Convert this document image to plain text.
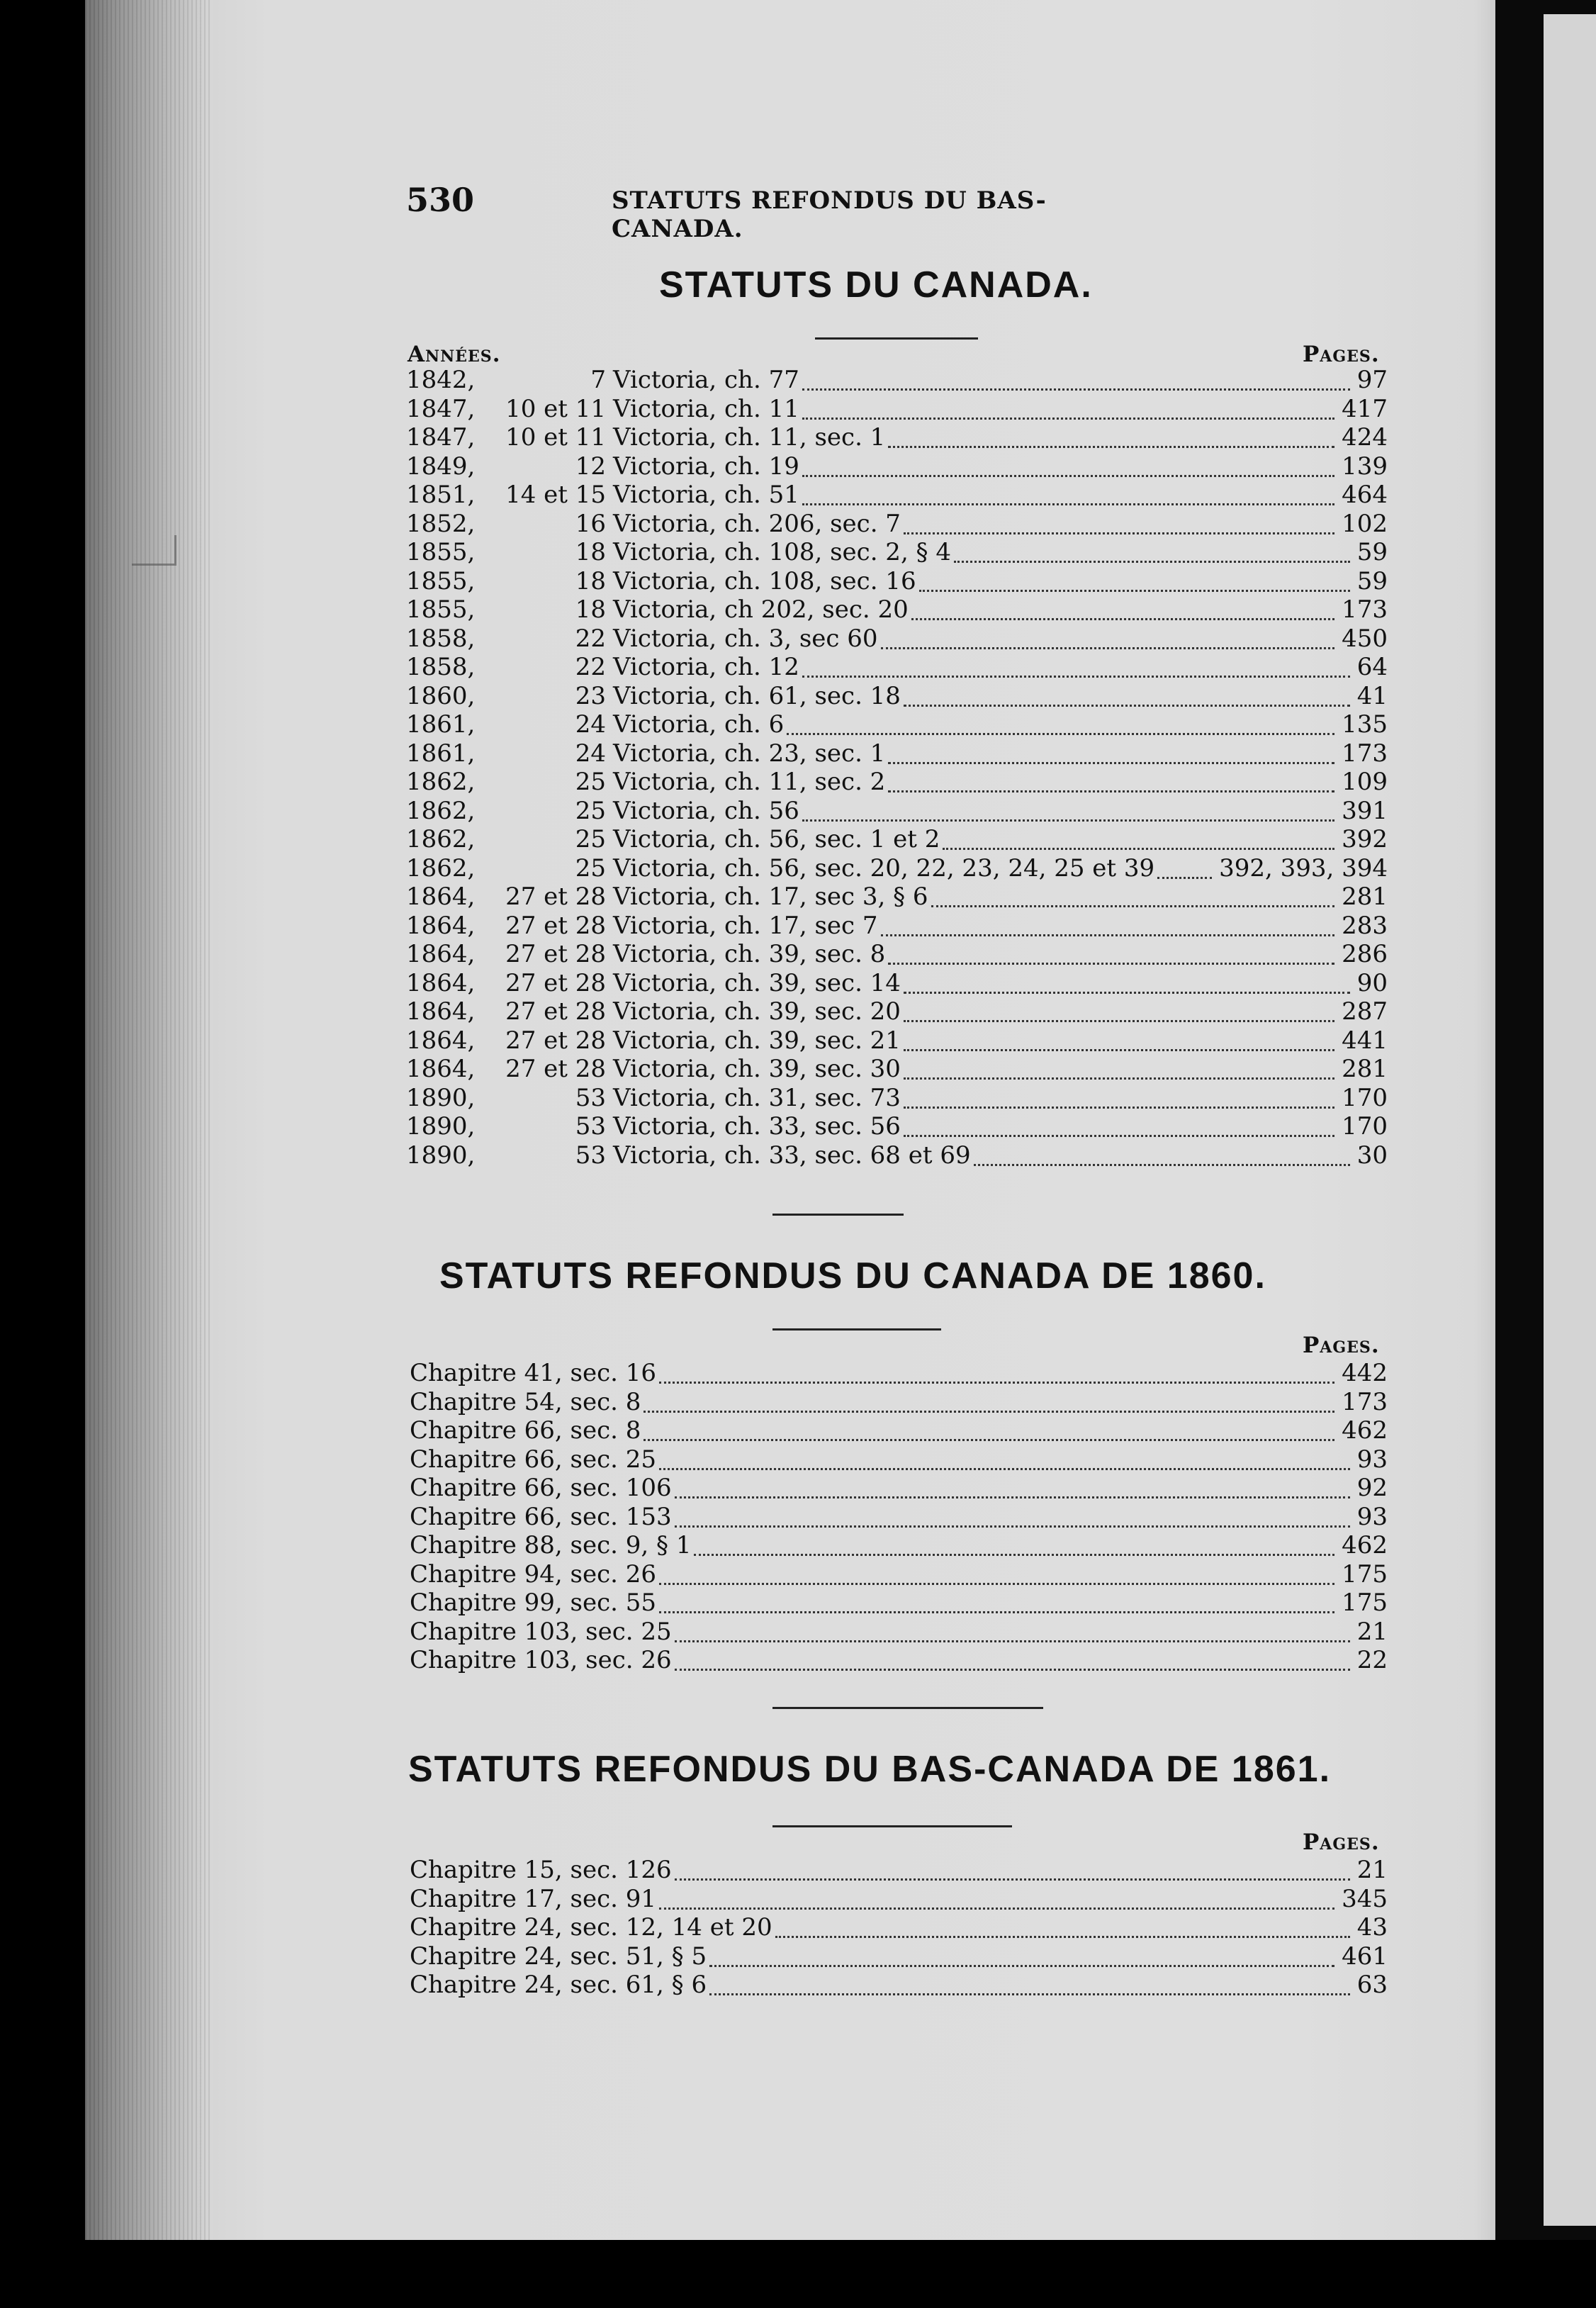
530	STATUTS REFONDUS DU BAS-CANADA.
STATUTS DU CANADA.
Années.	Pages.
1842,	7 Victoria, ch. 77	97
1847, 10 et 11 Victoria, ch. 11	417
1847, 10 et 11 Victoria, ch. 11, sec. 1	424
1849,	12 Victoria, ch. 19	139
1851, 14 et 15 Victoria, ch. 51	464
1852,	16 Victoria, ch. 206, sec. 7	102
1855,	18 Victoria, ch. 108, sec. 2, § 4	59
1855,	18 Victoria, ch. 108, sec. 16	59
1855,	18 Victoria, ch 202, sec. 20	173
1858,	22 Victoria, ch. 3, sec 60	450
1858,	22 Victoria, ch. 12	64
1860,	23 Victoria, ch. 61, sec. 18	41
1861,	24 Victoria, ch. 6	135
1861,	24 Victoria, ch. 23, sec. 1	173
1862,	25 Victoria, ch. 11, sec. 2	109
1862,	25 Victoria, ch. 56	391
1862,	25 Victoria, ch. 56, sec. 1 et 2	392
1862,	25 Victoria, ch. 56, sec. 20, 22, 23, 24, 25 et 39	392, 393, 394
1864, 27 et 28 Victoria, ch. 17, sec 3, § 6	281
1864, 27 et 28 Victoria, ch. 17, sec 7	283
1864, 27 et 28 Victoria, ch. 39, sec. 8	286
1864, 27 et 28 Victoria, ch. 39, sec. 14	90
1864, 27 et 28 Victoria, ch. 39, sec. 20	287
1864, 27 et 28 Victoria, ch. 39, sec. 21	441
1864, 27 et 28 Victoria, ch. 39, sec. 30	281
1890,	53 Victoria, ch. 31, sec. 73	170
1890,	53 Victoria, ch. 33, sec. 56	170
1890,	53 Victoria, ch. 33, sec. 68 et 69	30
STATUTS REFONDUS DU CANADA DE 1860.
Pages.
Chapitre 41, sec. 16	442
Chapitre 54, sec. 8	173
Chapitre 66, sec. 8	462
Chapitre 66, sec. 25	93
Chapitre 66, sec. 106	92
Chapitre 66, sec. 153	93
Chapitre 88, sec. 9, § 1	462
Chapitre 94, sec. 26	175
Chapitre 99, sec. 55	175
Chapitre 103, sec. 25	21
Chapitre 103, sec. 26	22
STATUTS REFONDUS DU BAS-CANADA DE 1861.
Pages.
Chapitre 15, sec. 126	21
Chapitre 17, sec. 91	345
Chapitre 24, sec. 12, 14 et 20	43
Chapitre 24, sec. 51, § 5	461
Chapitre 24, sec. 61, § 6	63
